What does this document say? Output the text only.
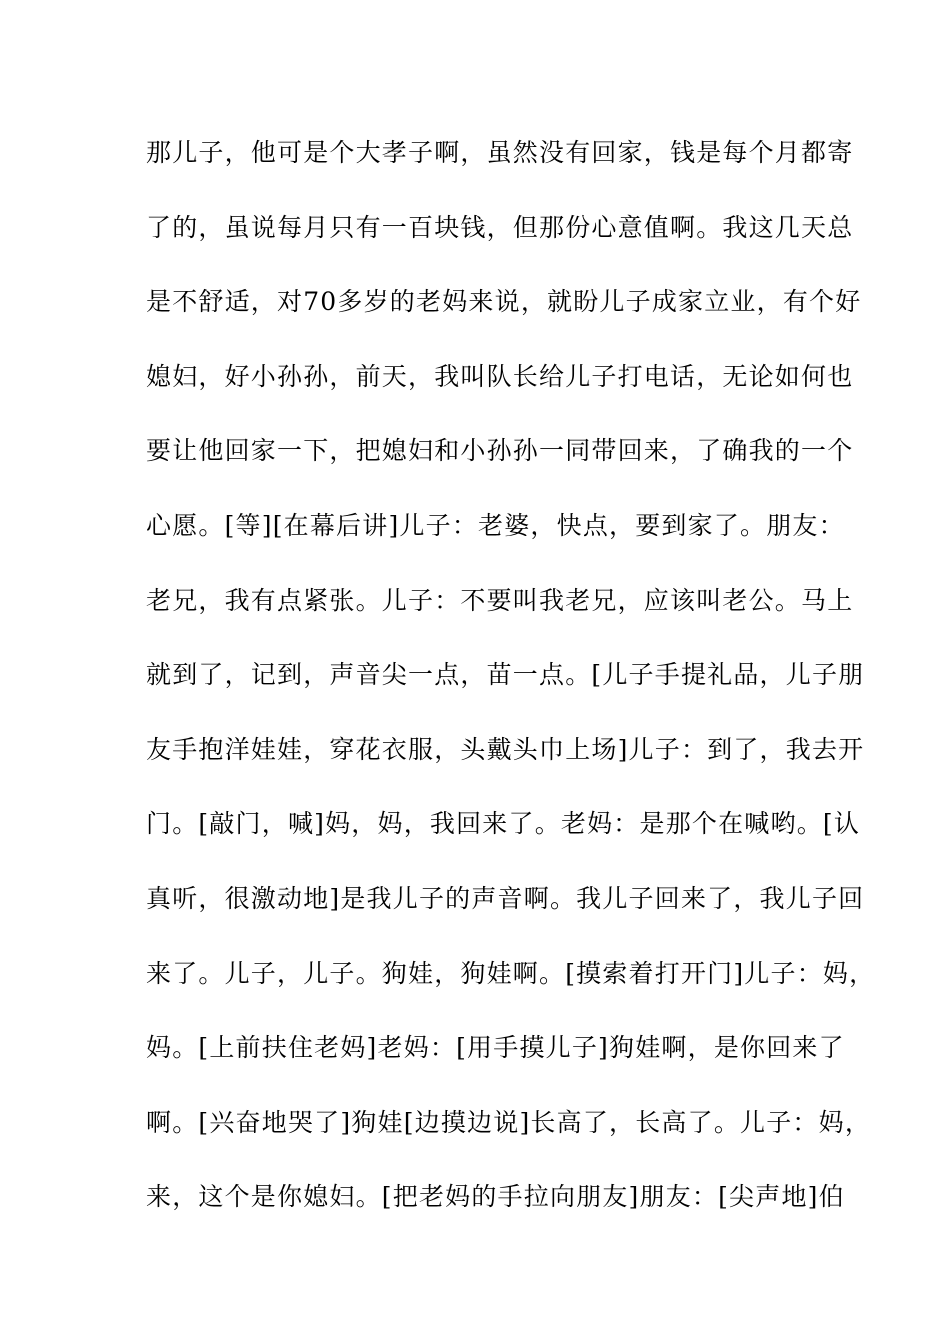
那儿子，他可是个大孝子啊，虽然没有回家，钱是每个月都寄
了的，虽说每月只有一百块钱，但那份心意值啊。我这几天总
是不舒适，对70多岁的老妈来说，就盼儿子成家立业，有个好
媳妇，好小孙孙，前天，我叫队长给儿子打电话，无论如何也
要让他回家一下，把媳妇和小孙孙一同带回来，了确我的一个
心愿。[等][在幕后讲]儿子：老婆，快点，要到家了。朋友：
老兄，我有点紧张。儿子：不要叫我老兄，应该叫老公。马上
就到了，记到，声音尖一点，苗一点。[儿子手提礼品，儿子朋
友手抱洋娃娃，穿花衣服，头戴头巾上场]儿子：到了，我去开
门。[敲门，喊]妈，妈，我回来了。老妈：是那个在喊哟。[认
真听，很激动地]是我儿子的声音啊。我儿子回来了，我儿子回
来了。儿子，儿子。狗娃，狗娃啊。[摸索着打开门]儿子：妈，
妈。[上前扶住老妈]老妈：[用手摸儿子]狗娃啊，是你回来了
啊。[兴奋地哭了]狗娃[边摸边说]长高了，长高了。儿子：妈，
来，这个是你媳妇。[把老妈的手拉向朋友]朋友：[尖声地]伯
